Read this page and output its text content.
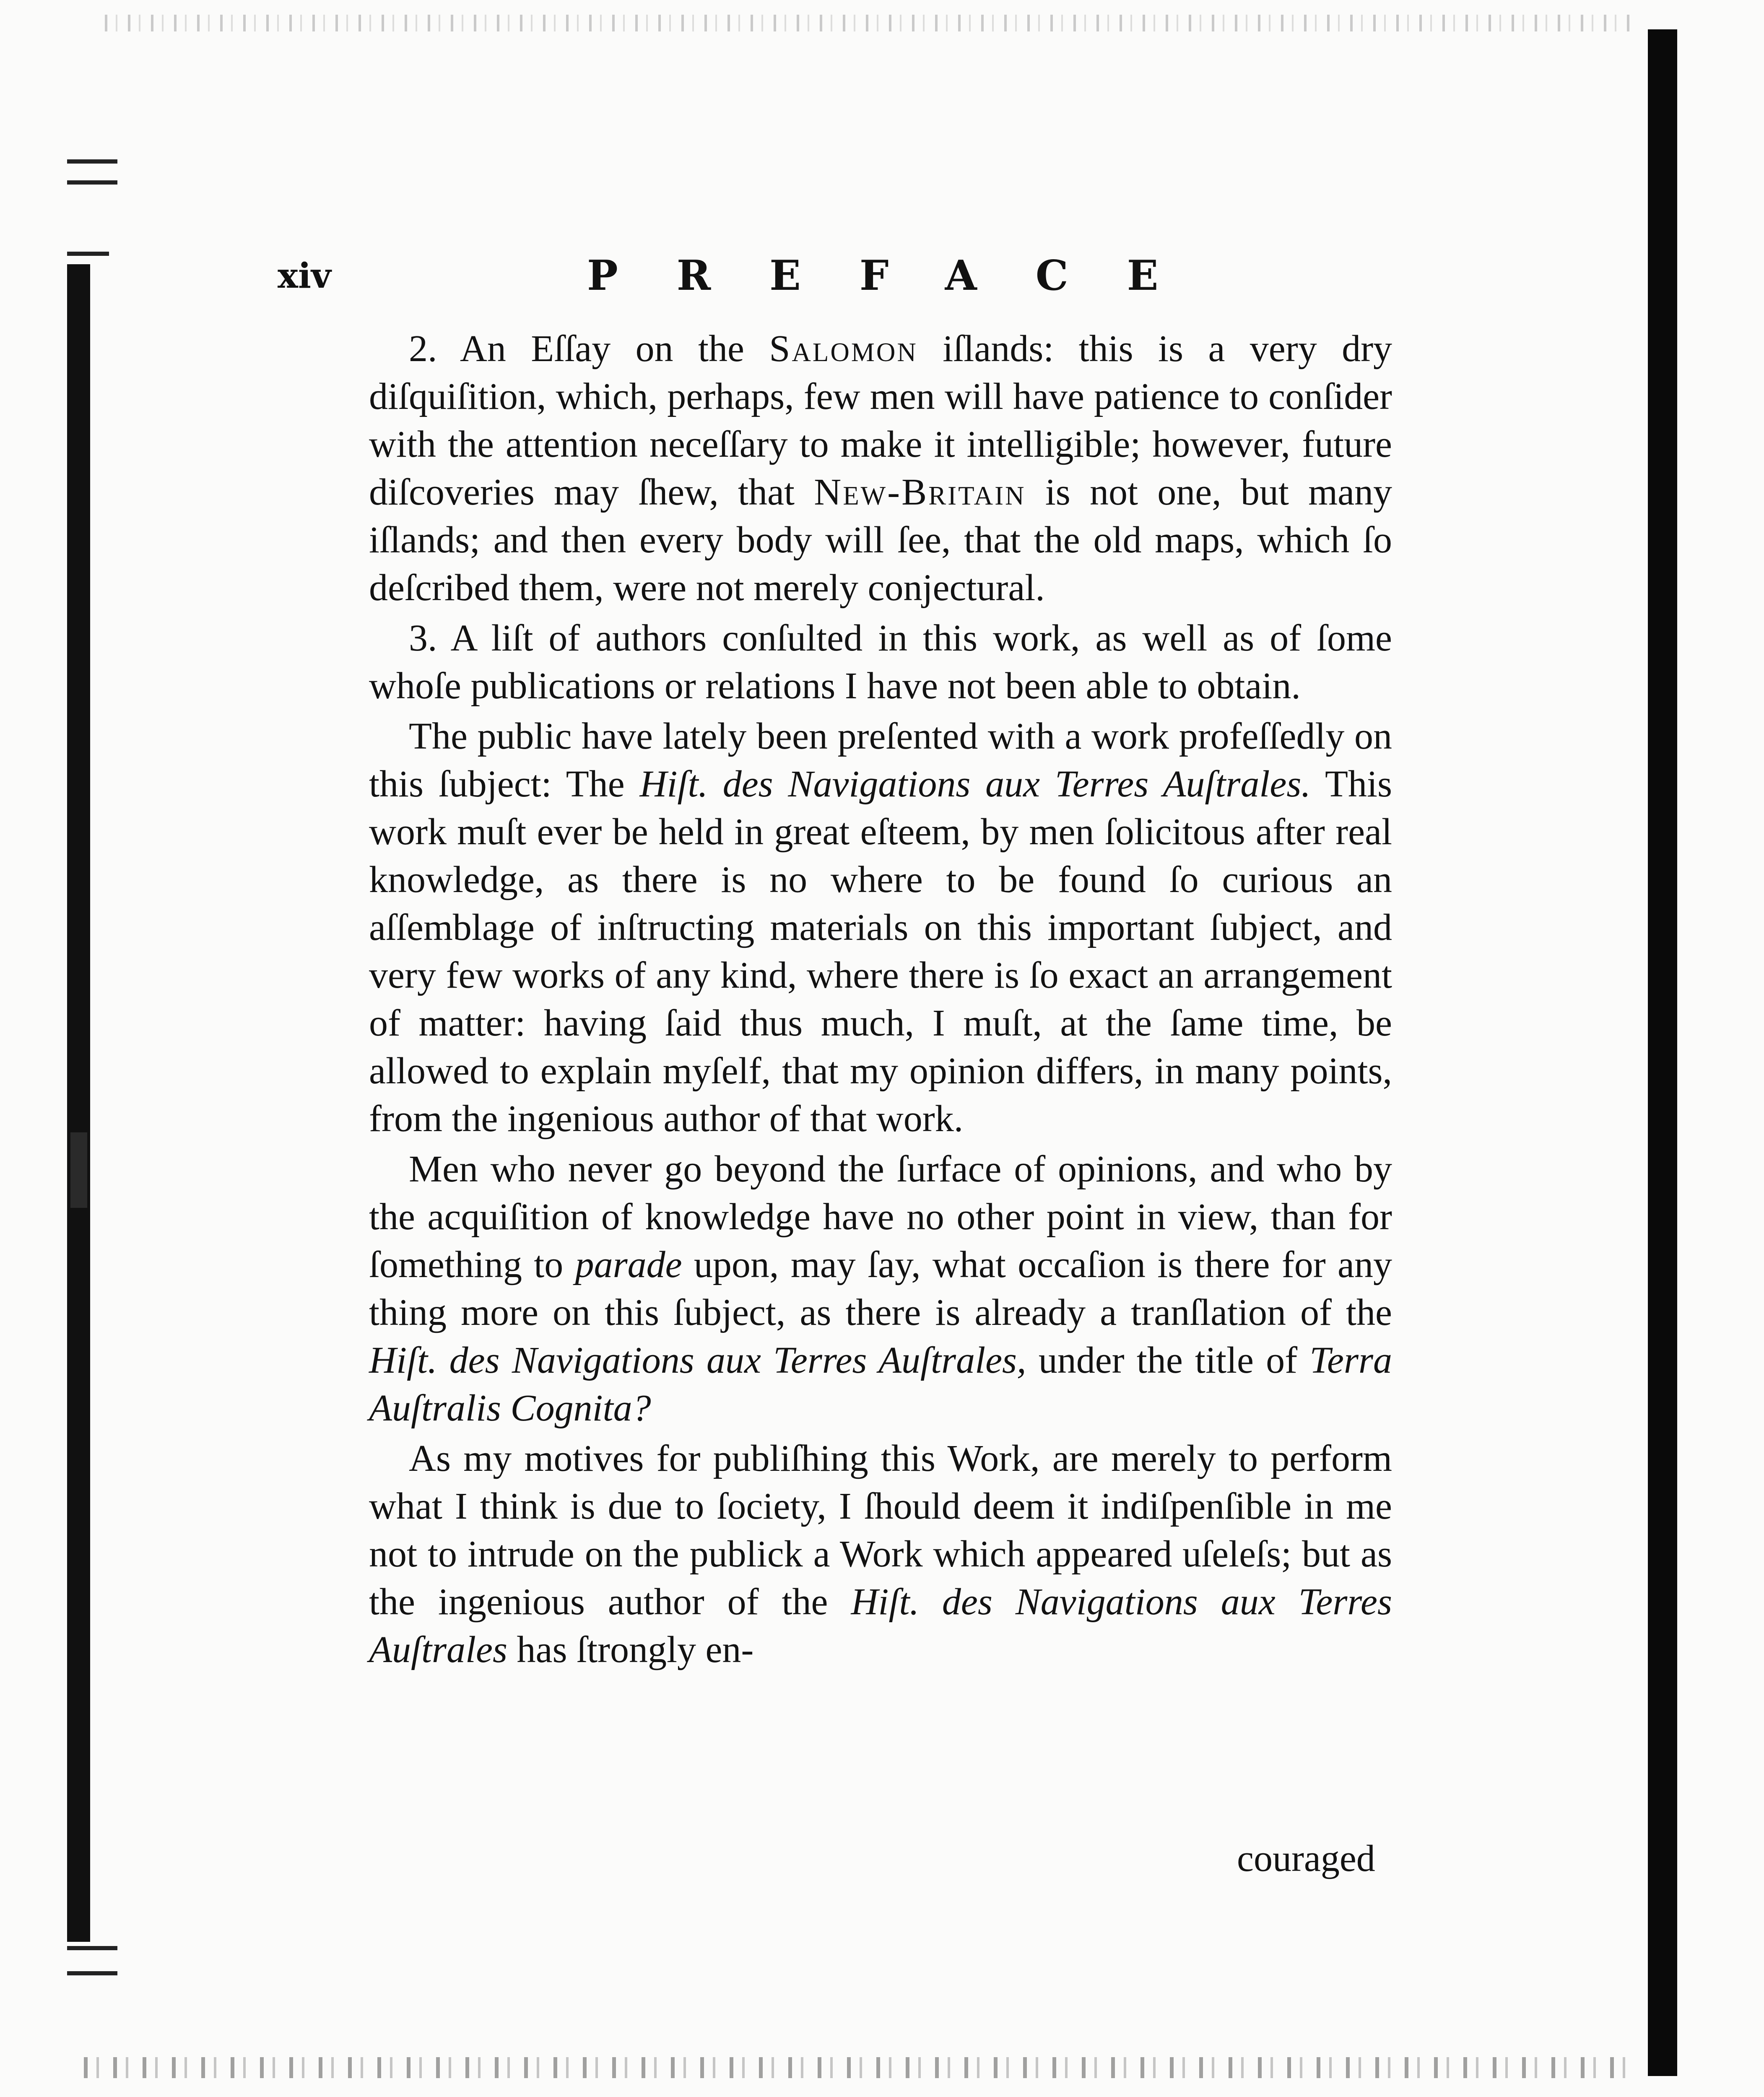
xiv	PREFACE

2. An Eſſay on the Salomon iſlands: this is a very dry diſquiſition, which, perhaps, few men will have patience to conſider with the attention neceſſary to make it intelligible; however, future diſcoveries may ſhew, that New-Britain is not one, but many iſlands; and then every body will ſee, that the old maps, which ſo deſcribed them, were not merely conjectural.

3. A liſt of authors conſulted in this work, as well as of ſome whoſe publications or relations I have not been able to obtain.

The public have lately been preſented with a work profeſſedly on this ſubject: The Hiſt. des Navigations aux Terres Auſtrales. This work muſt ever be held in great eſteem, by men ſolicitous after real knowledge, as there is no where to be found ſo curious an aſſemblage of inſtructing materials on this important ſubject, and very few works of any kind, where there is ſo exact an arrangement of matter: having ſaid thus much, I muſt, at the ſame time, be allowed to explain myſelf, that my opinion differs, in many points, from the ingenious author of that work.

Men who never go beyond the ſurface of opinions, and who by the acquiſition of knowledge have no other point in view, than for ſomething to parade upon, may ſay, what occaſion is there for any thing more on this ſubject, as there is already a tranſlation of the Hiſt. des Navigations aux Terres Auſtrales, under the title of Terra Auſtralis Cognita?

As my motives for publiſhing this Work, are merely to perform what I think is due to ſociety, I ſhould deem it indiſpenſible in me not to intrude on the publick a Work which appeared uſeleſs; but as the ingenious author of the Hiſt. des Navigations aux Terres Auſtrales has ſtrongly en-

couraged
